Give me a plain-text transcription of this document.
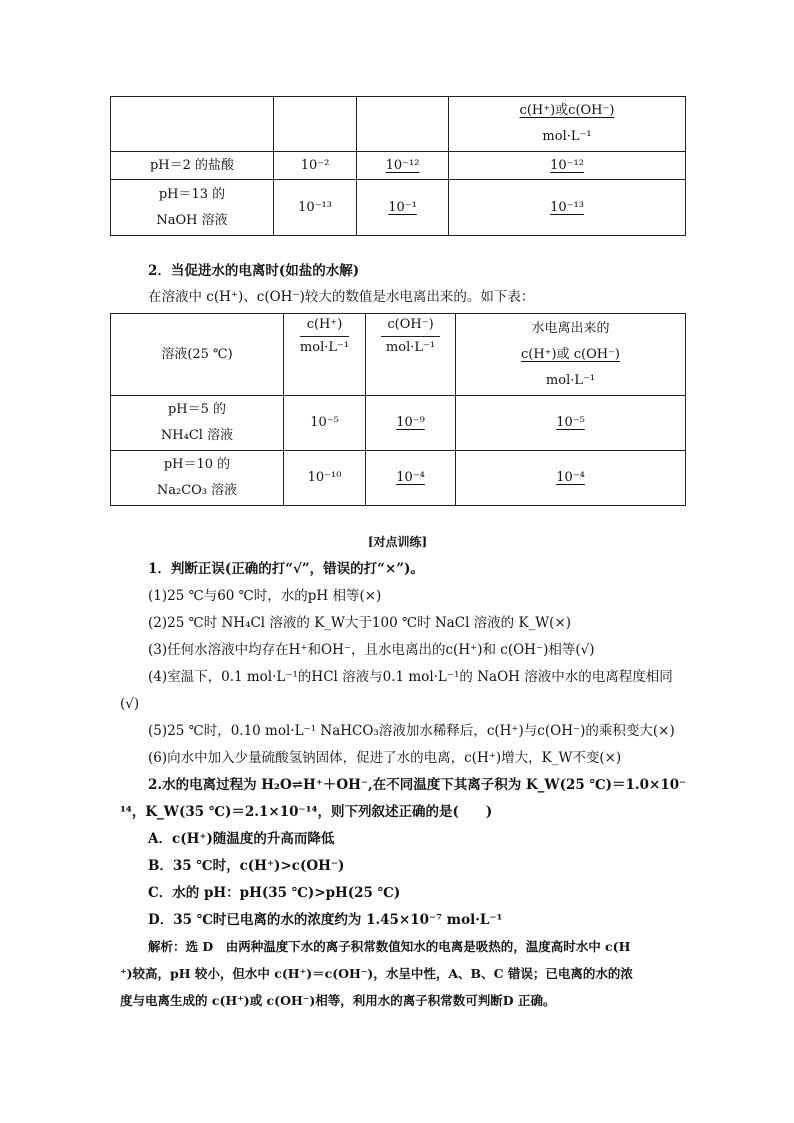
			c(H⁺)或c(OH⁻)
mol·L⁻¹

pH＝2 的盐酸	10⁻²	10⁻¹²	10⁻¹²

pH＝13 的
NaOH 溶液	10⁻¹³	10⁻¹	10⁻¹³
2．当促进水的电离时(如盐的水解)
在溶液中 c(H⁺)、c(OH⁻)较大的数值是水电离出来的。如下表：
溶液(25 ℃)	$\frac{c(H^+)}{\text{mol·L⁻¹}}$	$\frac{c(OH^-)}{\text{mol·L⁻¹}}$	水电离出来的
c(H⁺)或 c(OH⁻)
mol·L⁻¹

pH＝5 的
NH₄Cl 溶液	10⁻⁵	10⁻⁹	10⁻⁵

pH＝10 的
Na₂CO₃ 溶液	10⁻¹⁰	10⁻⁴	10⁻⁴
[对点训练]
1．判断正误(正确的打“√”，错误的打“×”)。
(1)25 ℃与60 ℃时，水的pH 相等(×)
(2)25 ℃时 NH₄Cl 溶液的 K_W大于100 ℃时 NaCl 溶液的 K_W(×)
(3)任何水溶液中均存在H⁺和OH⁻，且水电离出的c(H⁺)和 c(OH⁻)相等(√)
(4)室温下，0.1 mol·L⁻¹的HCl 溶液与0.1 mol·L⁻¹的 NaOH 溶液中水的电离程度相同
(√)
(5)25 ℃时，0.10 mol·L⁻¹ NaHCO₃溶液加水稀释后，c(H⁺)与c(OH⁻)的乘积变大(×)
(6)向水中加入少量硫酸氢钠固体，促进了水的电离，c(H⁺)增大，K_W不变(×)
2.水的电离过程为 H₂O⇌H⁺＋OH⁻,在不同温度下其离子积为 K_W(25 ℃)＝1.0×10⁻
¹⁴，K_W(35 ℃)＝2.1×10⁻¹⁴，则下列叙述正确的是(　　)
A．c(H⁺)随温度的升高而降低
B．35 ℃时，c(H⁺)>c(OH⁻)
C．水的 pH：pH(35 ℃)>pH(25 ℃)
D．35 ℃时已电离的水的浓度约为 1.45×10⁻⁷ mol·L⁻¹
解析：选 D　由两种温度下水的离子积常数值知水的电离是吸热的，温度高时水中 c(H
⁺)较高，pH 较小，但水中 c(H⁺)＝c(OH⁻)，水呈中性，A、B、C 错误；已电离的水的浓
度与电离生成的 c(H⁺)或 c(OH⁻)相等，利用水的离子积常数可判断D 正确。
